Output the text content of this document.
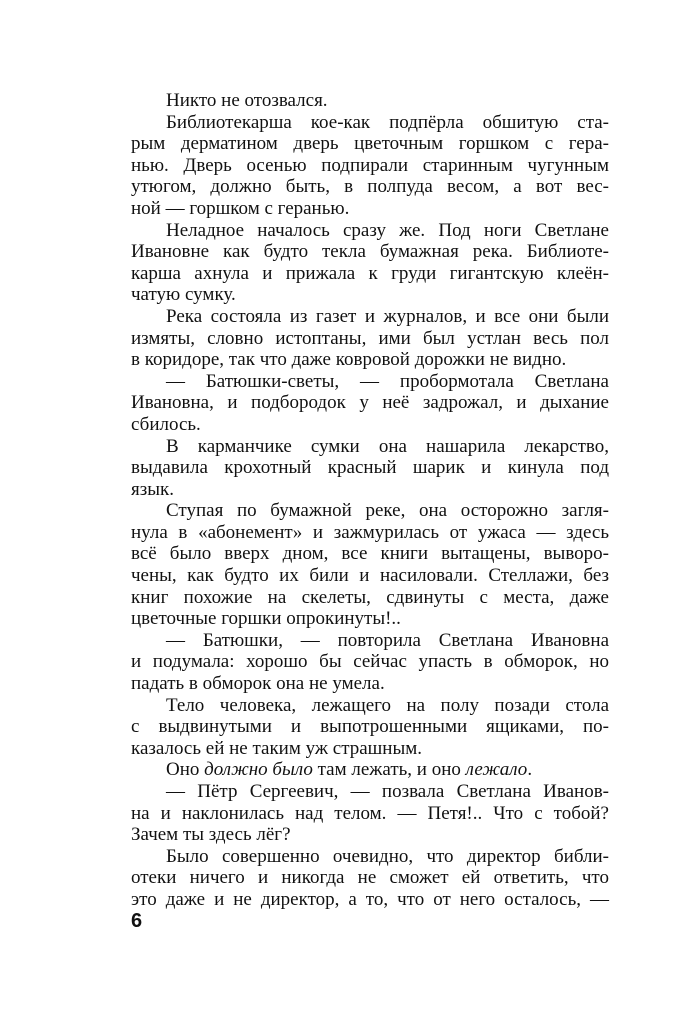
Никто не отозвался.
Библиотекарша кое-как подпёрла обшитую ста-
рым дерматином дверь цветочным горшком с гера-
нью. Дверь осенью подпирали старинным чугунным
утюгом, должно быть, в полпуда весом, а вот вес-
ной — горшком с геранью.
Неладное началось сразу же. Под ноги Светлане
Ивановне как будто текла бумажная река. Библиоте-
карша ахнула и прижала к груди гигантскую клеён-
чатую сумку.
Река состояла из газет и журналов, и все они были
измяты, словно истоптаны, ими был устлан весь пол
в коридоре, так что даже ковровой дорожки не видно.
— Батюшки-светы, — пробормотала Светлана
Ивановна, и подбородок у неё задрожал, и дыхание
сбилось.
В карманчике сумки она нашарила лекарство,
выдавила крохотный красный шарик и кинула под
язык.
Ступая по бумажной реке, она осторожно загля-
нула в «абонемент» и зажмурилась от ужаса — здесь
всё было вверх дном, все книги вытащены, выворо-
чены, как будто их били и насиловали. Стеллажи, без
книг похожие на скелеты, сдвинуты с места, даже
цветочные горшки опрокинуты!..
— Батюшки, — повторила Светлана Ивановна
и подумала: хорошо бы сейчас упасть в обморок, но
падать в обморок она не умела.
Тело человека, лежащего на полу позади стола
с выдвинутыми и выпотрошенными ящиками, по-
казалось ей не таким уж страшным.
Оно должно было там лежать, и оно лежало.
— Пётр Сергеевич, — позвала Светлана Иванов-
на и наклонилась над телом. — Петя!.. Что с тобой?
Зачем ты здесь лёг?
Было совершенно очевидно, что директор библи-
отеки ничего и никогда не сможет ей ответить, что
это даже и не директор, а то, что от него осталось, —
6
